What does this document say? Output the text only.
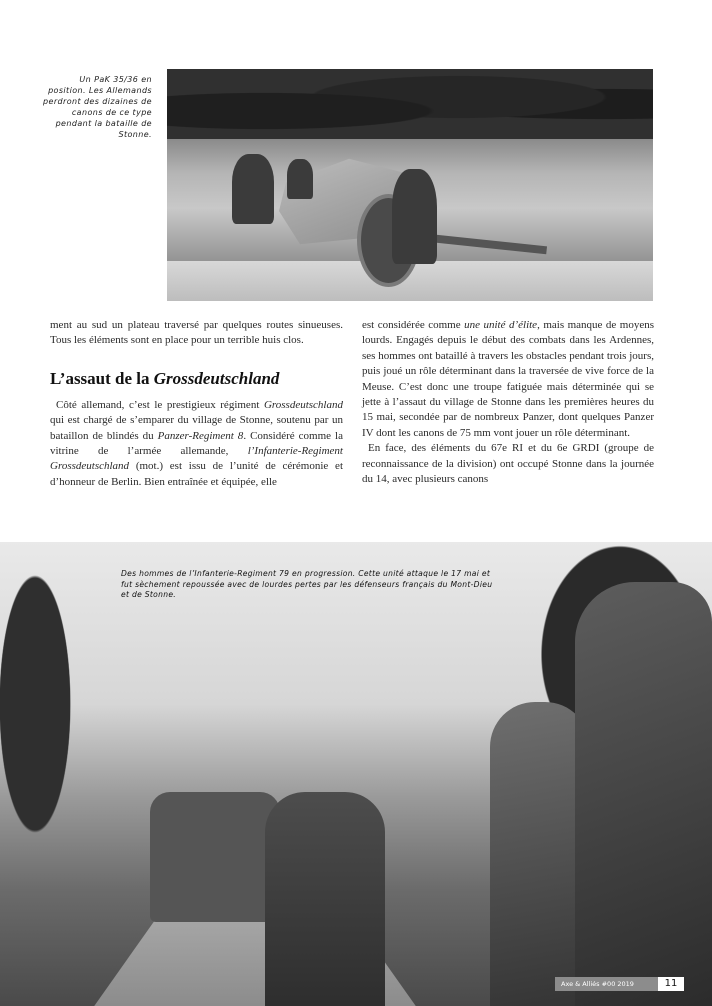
Un PaK 35/36 en position. Les Allemands perdront des dizaines de canons de ce type pendant la bataille de Stonne.

ment au sud un plateau traversé par quelques routes sinueuses. Tous les éléments sont en place pour un terrible huis clos.

L’assaut de la Grossdeutschland

Côté allemand, c’est le prestigieux régiment Grossdeutschland qui est chargé de s’emparer du village de Stonne, soutenu par un bataillon de blindés du Panzer-Regiment 8. Considéré comme la vitrine de l’armée allemande, l’Infanterie-Regiment Grossdeutschland (mot.) est issu de l’unité de cérémonie et d’honneur de Berlin. Bien entraînée et équipée, elle

est considérée comme une unité d’élite, mais manque de moyens lourds. Engagés depuis le début des combats dans les Ardennes, ses hommes ont bataillé à travers les obstacles pendant trois jours, puis joué un rôle déterminant dans la traversée de vive force de la Meuse. C’est donc une troupe fatiguée mais déterminée qui se jette à l’assaut du village de Stonne dans les premières heures du 15 mai, secondée par de nombreux Panzer, dont quelques Panzer IV dont les canons de 75 mm vont jouer un rôle déterminant.

En face, des éléments du 67e RI et du 6e GRDI (groupe de reconnaissance de la division) ont occupé Stonne dans la journée du 14, avec plusieurs canons

Des hommes de l’Infanterie-Regiment 79 en progression. Cette unité attaque le 17 mai et fut sèchement repoussée avec de lourdes pertes par les défenseurs français du Mont-Dieu et de Stonne.
Axe & Alliés #00 2019	11
